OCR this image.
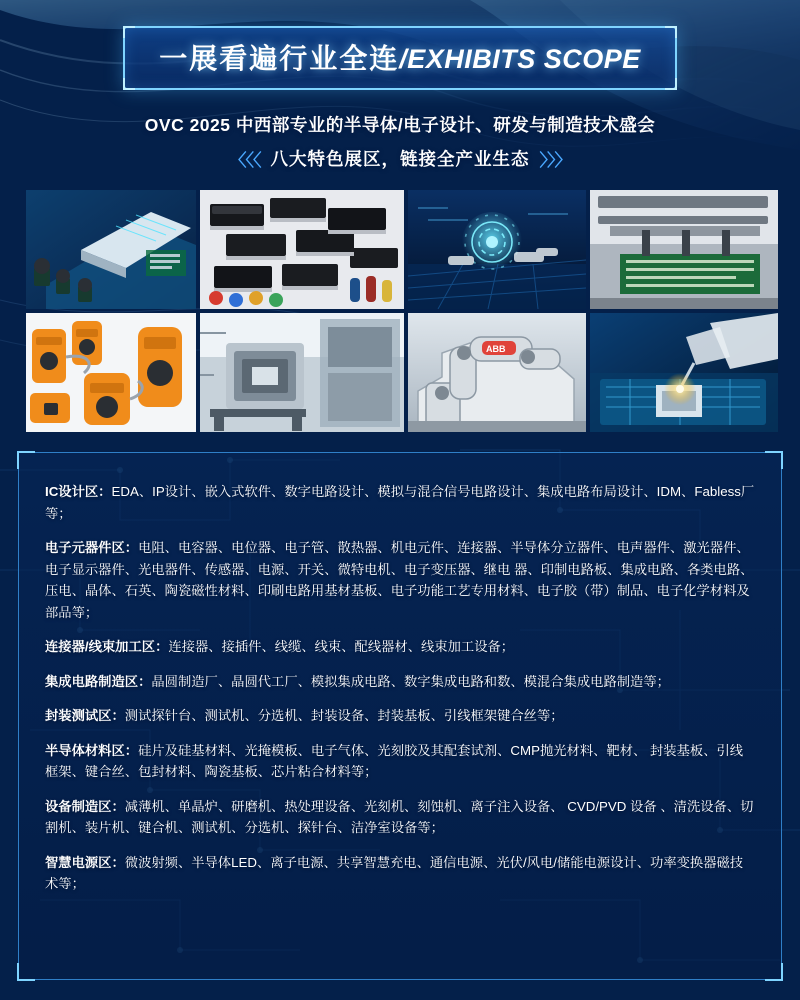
一展看遍行业全连/EXHIBITS SCOPE
OVC 2025 中西部专业的半导体/电子设计、研发与制造技术盛会
〈〈〈 八大特色展区，链接全产业生态 〉〉〉
ABB

IC设计区：EDA、IP设计、嵌入式软件、数字电路设计、模拟与混合信号电路设计、集成电路布局设计、IDM、Fabless厂等；

电子元器件区：电阻、电容器、电位器、电子管、散热器、机电元件、连接器、半导体分立器件、电声器件、激光器件、电子显示器件、光电器件、传感器、电源、开关、微特电机、电子变压器、继电 器、印制电路板、集成电路、各类电路、压电、晶体、石英、陶瓷磁性材料、印刷电路用基材基板、电子功能工艺专用材料、电子胶（带）制品、电子化学材料及部品等；

连接器/线束加工区：连接器、接插件、线缆、线束、配线器材、线束加工设备；

集成电路制造区：晶圆制造厂、晶圆代工厂、模拟集成电路、数字集成电路和数、模混合集成电路制造等；

封装测试区：测试探针台、测试机、分选机、封装设备、封装基板、引线框架键合丝等；

半导体材料区：硅片及硅基材料、光掩模板、电子气体、光刻胶及其配套试剂、CMP抛光材料、靶材、 封装基板、引线框架、键合丝、包封材料、陶瓷基板、芯片粘合材料等；

设备制造区：减薄机、单晶炉、研磨机、热处理设备、光刻机、刻蚀机、离子注入设备、 CVD/PVD 设备 、清洗设备、切割机、装片机、键合机、测试机、分选机、探针台、洁净室设备等；

智慧电源区：微波射频、半导体LED、离子电源、共享智慧充电、通信电源、光伏/风电/储能电源设计、功率变换器磁技术等；
